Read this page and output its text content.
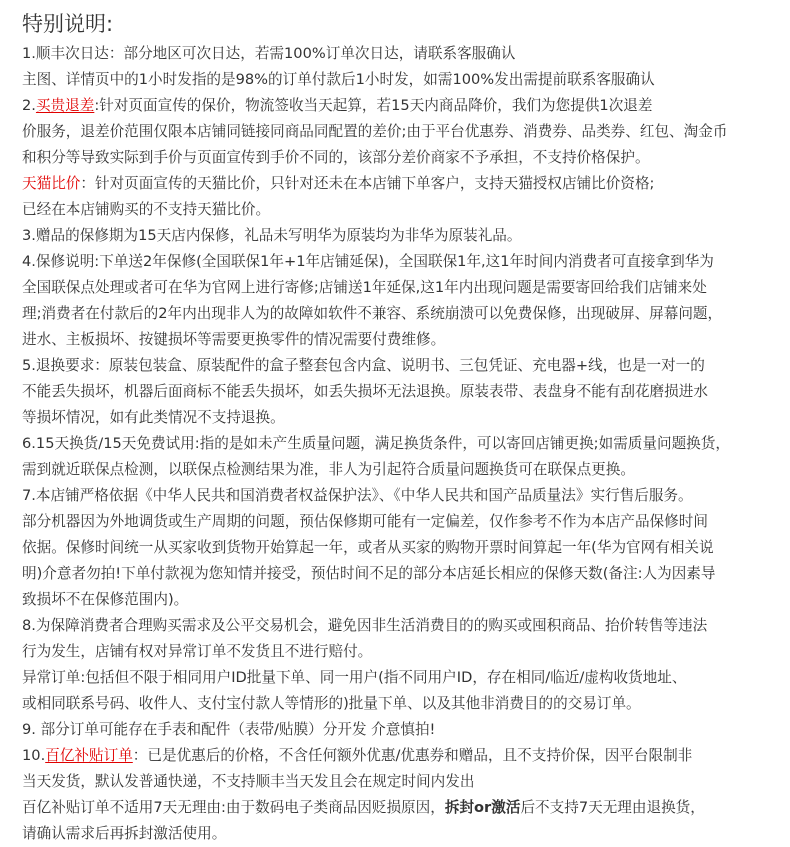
特别说明:
1.顺丰次日达：部分地区可次日达，若需100%订单次日达，请联系客服确认
主图、详情页中的1小时发指的是98%的订单付款后1小时发，如需100%发出需提前联系客服确认
2.买贵退差:针对页面宣传的保价，物流签收当天起算，若15天内商品降价，我们为您提供1次退差
价服务，退差价范围仅限本店铺同链接同商品同配置的差价;由于平台优惠券、消费券、品类券、红包、淘金币
和积分等导致实际到手价与页面宣传到手价不同的，该部分差价商家不予承担，不支持价格保护。
天猫比价：针对页面宣传的天猫比价，只针对还未在本店铺下单客户，支持天猫授权店铺比价资格;
已经在本店铺购买的不支持天猫比价。
3.赠品的保修期为15天店内保修，礼品未写明华为原装均为非华为原装礼品。
4.保修说明:下单送2年保修(全国联保1年+1年店铺延保)，全国联保1年,这1年时间内消费者可直接拿到华为
全国联保点处理或者可在华为官网上进行寄修;店铺送1年延保,这1年内出现问题是需要寄回给我们店铺来处
理;消费者在付款后的2年内出现非人为的故障如软件不兼容、系统崩溃可以免费保修，出现破屏、屏幕问题，
进水、主板损坏、按键损坏等需要更换零件的情况需要付费维修。
5.退换要求：原装包装盒、原装配件的盒子整套包含内盒、说明书、三包凭证、充电器+线，也是一对一的
不能丢失损坏，机器后面商标不能丢失损坏，如丢失损坏无法退换。原装表带、表盘身不能有刮花磨损进水
等损坏情况，如有此类情况不支持退换。
6.15天换货/15天免费试用:指的是如未产生质量问题，满足换货条件，可以寄回店铺更换;如需质量问题换货，
需到就近联保点检测，以联保点检测结果为准，非人为引起符合质量问题换货可在联保点更换。
7.本店铺严格依据《中华人民共和国消费者权益保护法》、《中华人民共和国产品质量法》实行售后服务。
部分机器因为外地调货或生产周期的问题，预估保修期可能有一定偏差，仅作参考不作为本店产品保修时间
依据。保修时间统一从买家收到货物开始算起一年，或者从买家的购物开票时间算起一年(华为官网有相关说
明)介意者勿拍!下单付款视为您知情并接受，预估时间不足的部分本店延长相应的保修天数(备注:人为因素导
致损坏不在保修范围内)。
8.为保障消费者合理购买需求及公平交易机会，避免因非生活消费目的的购买或囤积商品、抬价转售等违法
行为发生，店铺有权对异常订单不发货且不进行赔付。
异常订单:包括但不限于相同用户ID批量下单、同一用户(指不同用户ID，存在相同/临近/虚构收货地址、
或相同联系号码、收件人、支付宝付款人等情形的)批量下单、以及其他非消费目的的交易订单。
9. 部分订单可能存在手表和配件（表带/贴膜）分开发 介意慎拍!
10.百亿补贴订单：已是优惠后的价格，不含任何额外优惠/优惠券和赠品，且不支持价保，因平台限制非
当天发货，默认发普通快递，不支持顺丰当天发且会在规定时间内发出
百亿补贴订单不适用7天无理由:由于数码电子类商品因贬损原因，拆封or激活后不支持7天无理由退换货，
请确认需求后再拆封激活使用。
